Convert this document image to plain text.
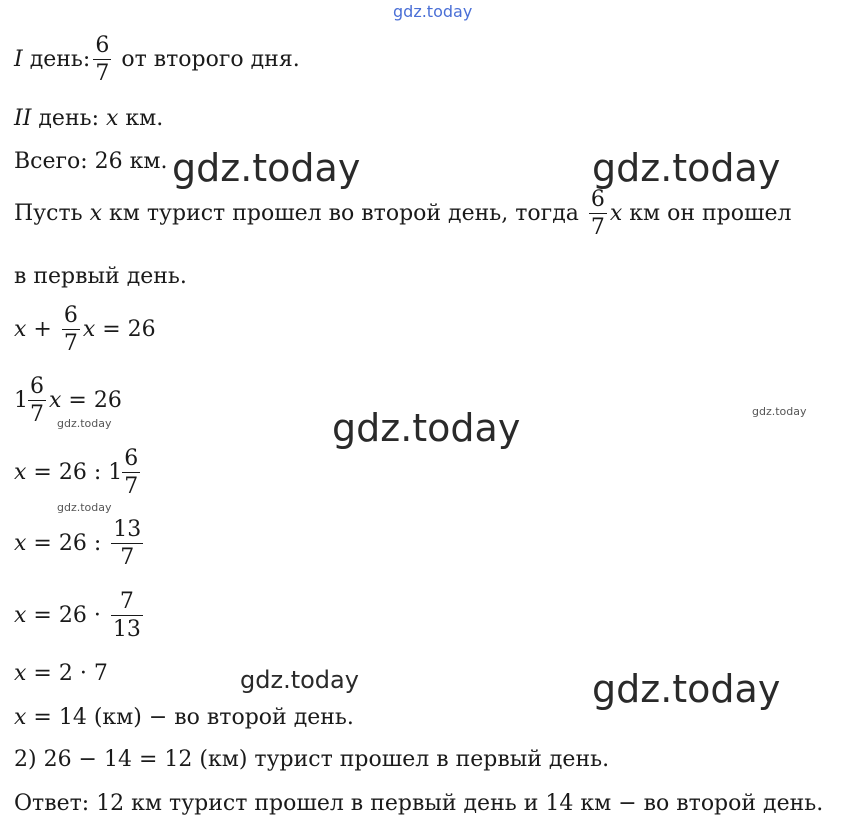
gdz.today
gdz.today	gdz.today
gdz.today
gdz.today
gdz.today
gdz.today
gdz.today
gdz.today
I день: $\frac{6}{7}$ от второго дня.
II день: x км.
Всего: 26 км.
Пусть x км турист прошел во второй день, тогда $\frac{6}{7}$ x км он прошел
в первый день.
$x + \frac{6}{7}$ x = 26
$1 \frac{6}{7}$ x = 26
x = 26 : $1 \frac{6}{7}$
x = 26 : $\frac{13}{7}$
$x = 26 \cdot \frac{7}{13}$
x = 2 · 7
x = 14 (км) − во второй день.
2) 26 − 14 = 12 (км) турист прошел в первый день.
Ответ: 12 км турист прошел в первый день и 14 км − во второй день.
